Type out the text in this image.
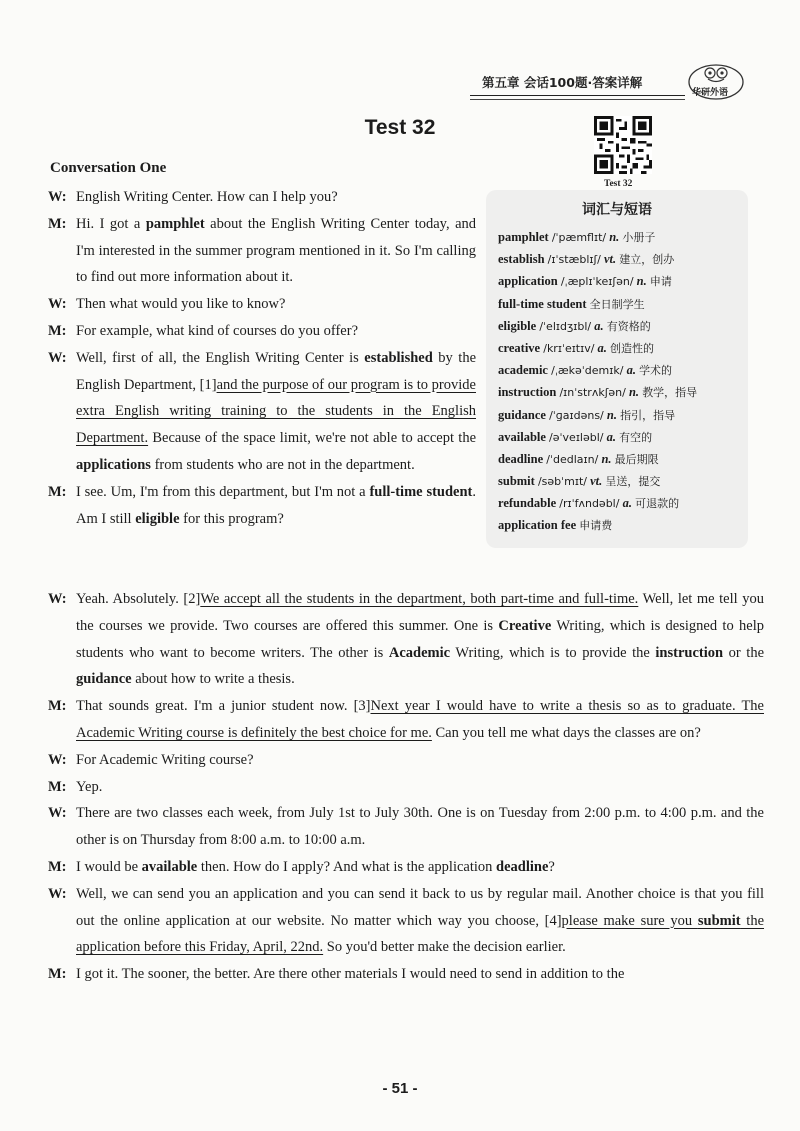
第五章 会话100题·答案详解
华研外语
Test 32
Test 32
词汇与短语
pamphlet /ˈpæmflɪt/ n. 小册子
establish /ɪˈstæblɪʃ/ vt. 建立，创办
application /ˌæplɪˈkeɪʃən/ n. 申请
full-time student 全日制学生
eligible /ˈelɪdʒɪbl/ a. 有资格的
creative /krɪˈeɪtɪv/ a. 创造性的
academic /ˌækəˈdemɪk/ a. 学术的
instruction /ɪnˈstrʌkʃən/ n. 教学，指导
guidance /ˈɡaɪdəns/ n. 指引，指导
available /əˈveɪləbl/ a. 有空的
deadline /ˈdedlaɪn/ n. 最后期限
submit /səbˈmɪt/ vt. 呈送，提交
refundable /rɪˈfʌndəbl/ a. 可退款的
application fee 申请费
Conversation One
W: English Writing Center. How can I help you?
M: Hi. I got a pamphlet about the English Writing Center today, and I'm interested in the summer program mentioned in it. So I'm calling to find out more information about it.
W: Then what would you like to know?
M: For example, what kind of courses do you offer?
W: Well, first of all, the English Writing Center is established by the English Department, [1]and the purpose of our program is to provide extra English writing training to the students in the English Department. Because of the space limit, we're not able to accept the applications from students who are not in the department.
M: I see. Um, I'm from this department, but I'm not a full-time student. Am I still eligible for this program?
W: Yeah. Absolutely. [2]We accept all the students in the department, both part-time and full-time. Well, let me tell you the courses we provide. Two courses are offered this summer. One is Creative Writing, which is designed to help students who want to become writers. The other is Academic Writing, which is to provide the instruction or the guidance about how to write a thesis.
M: That sounds great. I'm a junior student now. [3]Next year I would have to write a thesis so as to graduate. The Academic Writing course is definitely the best choice for me. Can you tell me what days the classes are on?
W: For Academic Writing course?
M: Yep.
W: There are two classes each week, from July 1st to July 30th. One is on Tuesday from 2:00 p.m. to 4:00 p.m. and the other is on Thursday from 8:00 a.m. to 10:00 a.m.
M: I would be available then. How do I apply? And what is the application deadline?
W: Well, we can send you an application and you can send it back to us by regular mail. Another choice is that you fill out the online application at our website. No matter which way you choose, [4]please make sure you submit the application before this Friday, April, 22nd. So you'd better make the decision earlier.
M: I got it. The sooner, the better. Are there other materials I would need to send in addition to the
- 51 -
